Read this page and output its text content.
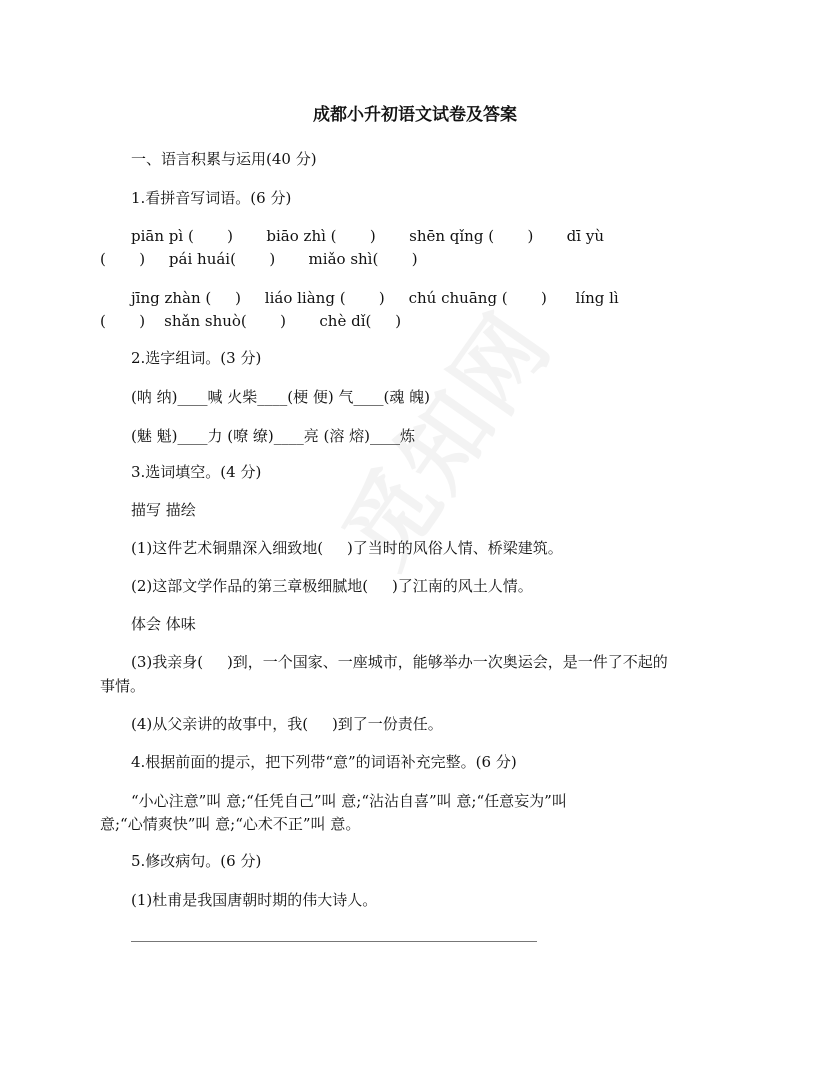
成都小升初语文试卷及答案
一、语言积累与运用(40 分)
1.看拼音写词语。(6 分)
piān pì (       )       biāo zhì (       )       shēn qǐng (       )       dī yù
(       )     pái huái(       )       miǎo shì(       )
jīng zhàn (     )     liáo liàng (       )     chú chuāng (       )      líng lì
(       )    shǎn shuò(       )       chè dǐ(     )
2.选字组词。(3 分)
(呐 纳)____喊 火柴____(梗 便) 气____(魂 魄)
(魅 魁)____力 (嘹 缭)____亮 (溶 熔)____炼
3.选词填空。(4 分)
描写 描绘
(1)这件艺术铜鼎深入细致地(     )了当时的风俗人情、桥梁建筑。
(2)这部文学作品的第三章极细腻地(     )了江南的风土人情。
体会 体味
(3)我亲身(     )到，一个国家、一座城市，能够举办一次奥运会，是一件了不起的
事情。
(4)从父亲讲的故事中，我(     )到了一份责任。
4.根据前面的提示，把下列带“意”的词语补充完整。(6 分)
“小心注意”叫 意;“任凭自己”叫 意;“沾沾自喜”叫 意;“任意妄为”叫
意;“心情爽快”叫 意;“心术不正”叫 意。
5.修改病句。(6 分)
(1)杜甫是我国唐朝时期的伟大诗人。
